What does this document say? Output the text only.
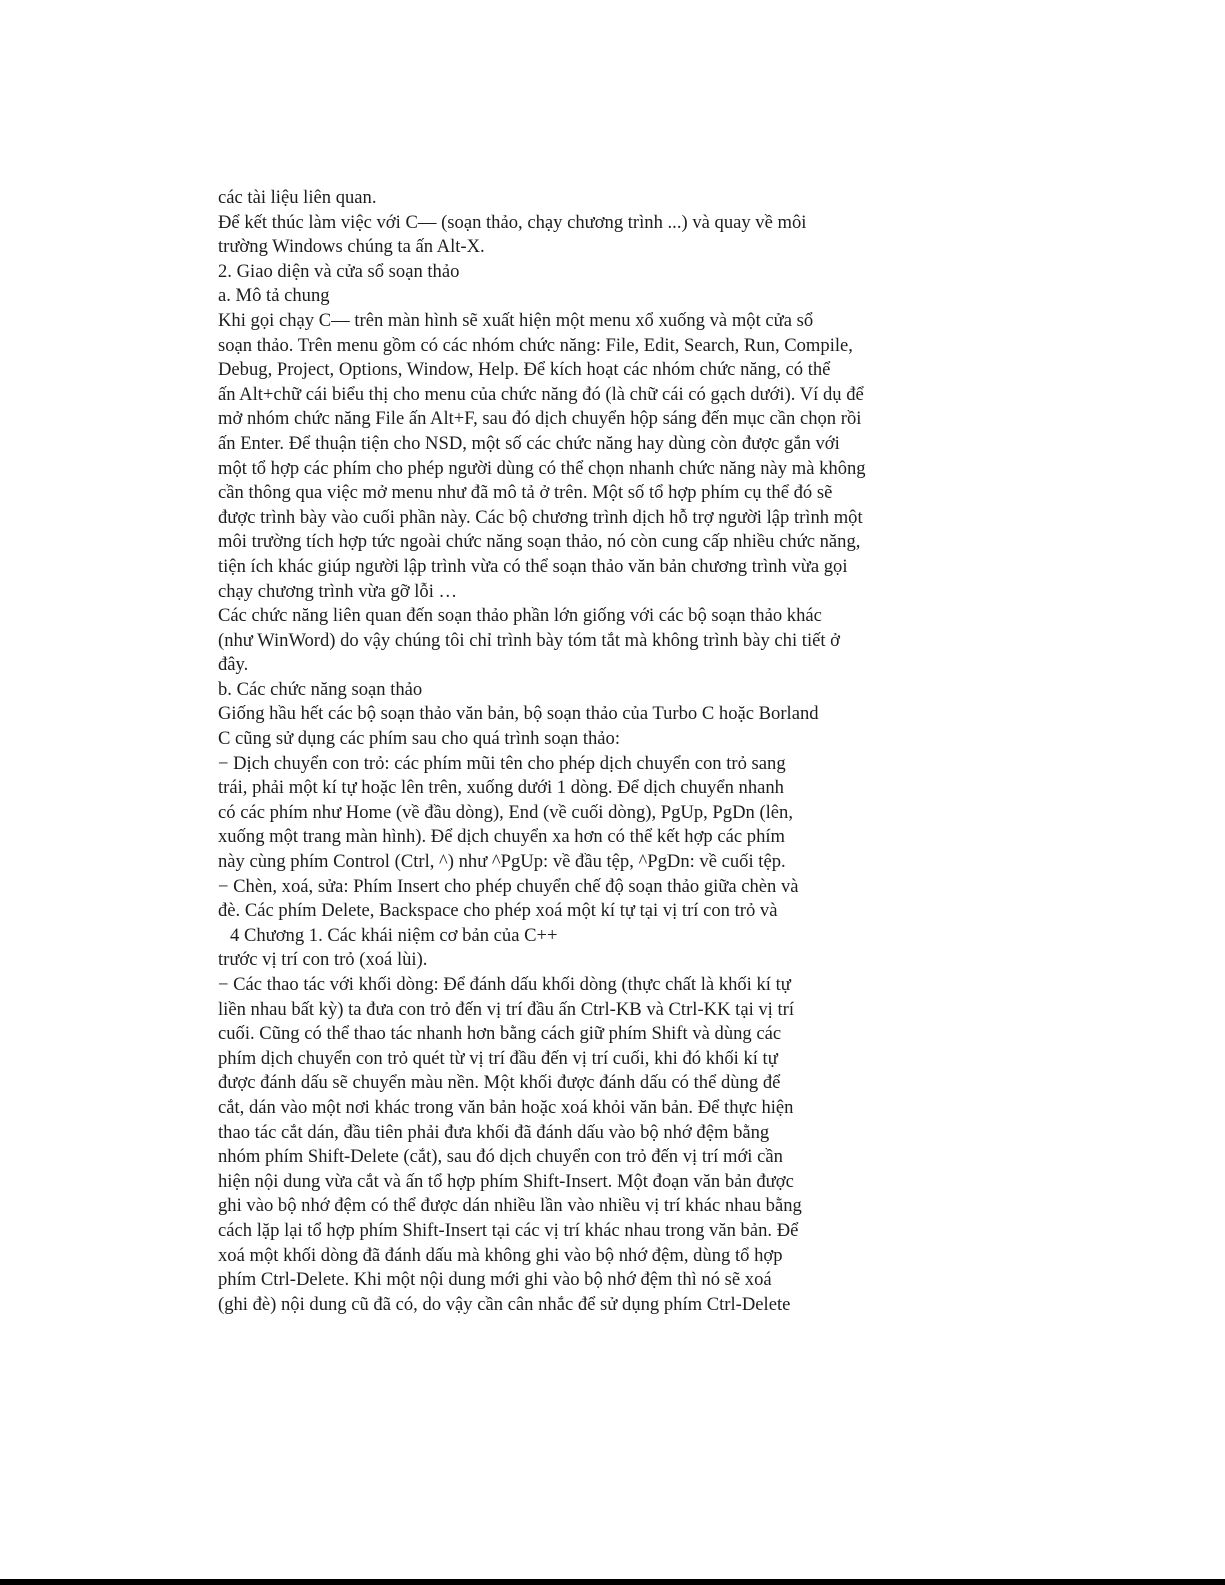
các tài liệu liên quan.
Để kết thúc làm việc với C— (soạn thảo, chạy chương trình ...) và quay về môi
trường Windows chúng ta ấn Alt-X.
2. Giao diện và cửa sổ soạn thảo
a. Mô tả chung
Khi gọi chạy C— trên màn hình sẽ xuất hiện một menu xổ xuống và một cửa sổ
soạn thảo. Trên menu gồm có các nhóm chức năng: File, Edit, Search, Run, Compile,
Debug, Project, Options, Window, Help. Để kích hoạt các nhóm chức năng, có thể
ấn Alt+chữ cái biểu thị cho menu của chức năng đó (là chữ cái có gạch dưới). Ví dụ để
mở nhóm chức năng File ấn Alt+F, sau đó dịch chuyển hộp sáng đến mục cần chọn rồi
ấn Enter. Để thuận tiện cho NSD, một số các chức năng hay dùng còn được gắn với
một tổ hợp các phím cho phép người dùng có thể chọn nhanh chức năng này mà không
cần thông qua việc mở menu như đã mô tả ở trên. Một số tổ hợp phím cụ thể đó sẽ
được trình bày vào cuối phần này. Các bộ chương trình dịch hỗ trợ người lập trình một
môi trường tích hợp tức ngoài chức năng soạn thảo, nó còn cung cấp nhiều chức năng,
tiện ích khác giúp người lập trình vừa có thể soạn thảo văn bản chương trình vừa gọi
chạy chương trình vừa gỡ lỗi …
Các chức năng liên quan đến soạn thảo phần lớn giống với các bộ soạn thảo khác
(như WinWord) do vậy chúng tôi chỉ trình bày tóm tắt mà không trình bày chi tiết ở
đây.
b. Các chức năng soạn thảo
Giống hầu hết các bộ soạn thảo văn bản, bộ soạn thảo của Turbo C hoặc Borland
C cũng sử dụng các phím sau cho quá trình soạn thảo:
− Dịch chuyển con trỏ: các phím mũi tên cho phép dịch chuyển con trỏ sang
trái, phải một kí tự hoặc lên trên, xuống dưới 1 dòng. Để dịch chuyển nhanh
có các phím như Home (về đầu dòng), End (về cuối dòng), PgUp, PgDn (lên,
xuống một trang màn hình). Để dịch chuyển xa hơn có thể kết hợp các phím
này cùng phím Control (Ctrl, ^) như ^PgUp: về đầu tệp, ^PgDn: về cuối tệp.
− Chèn, xoá, sửa: Phím Insert cho phép chuyển chế độ soạn thảo giữa chèn và
đè. Các phím Delete, Backspace cho phép xoá một kí tự tại vị trí con trỏ và
4 Chương 1. Các khái niệm cơ bản của C++
trước vị trí con trỏ (xoá lùi).
− Các thao tác với khối dòng: Để đánh dấu khối dòng (thực chất là khối kí tự
liền nhau bất kỳ) ta đưa con trỏ đến vị trí đầu ấn Ctrl-KB và Ctrl-KK tại vị trí
cuối. Cũng có thể thao tác nhanh hơn bằng cách giữ phím Shift và dùng các
phím dịch chuyển con trỏ quét từ vị trí đầu đến vị trí cuối, khi đó khối kí tự
được đánh dấu sẽ chuyển màu nền. Một khối được đánh dấu có thể dùng để
cắt, dán vào một nơi khác trong văn bản hoặc xoá khỏi văn bản. Để thực hiện
thao tác cắt dán, đầu tiên phải đưa khối đã đánh dấu vào bộ nhớ đệm bằng
nhóm phím Shift-Delete (cắt), sau đó dịch chuyển con trỏ đến vị trí mới cần
hiện nội dung vừa cắt và ấn tổ hợp phím Shift-Insert. Một đoạn văn bản được
ghi vào bộ nhớ đệm có thể được dán nhiều lần vào nhiều vị trí khác nhau bằng
cách lặp lại tổ hợp phím Shift-Insert tại các vị trí khác nhau trong văn bản. Để
xoá một khối dòng đã đánh dấu mà không ghi vào bộ nhớ đệm, dùng tổ hợp
phím Ctrl-Delete. Khi một nội dung mới ghi vào bộ nhớ đệm thì nó sẽ xoá
(ghi đè) nội dung cũ đã có, do vậy cần cân nhắc để sử dụng phím Ctrl-Delete
